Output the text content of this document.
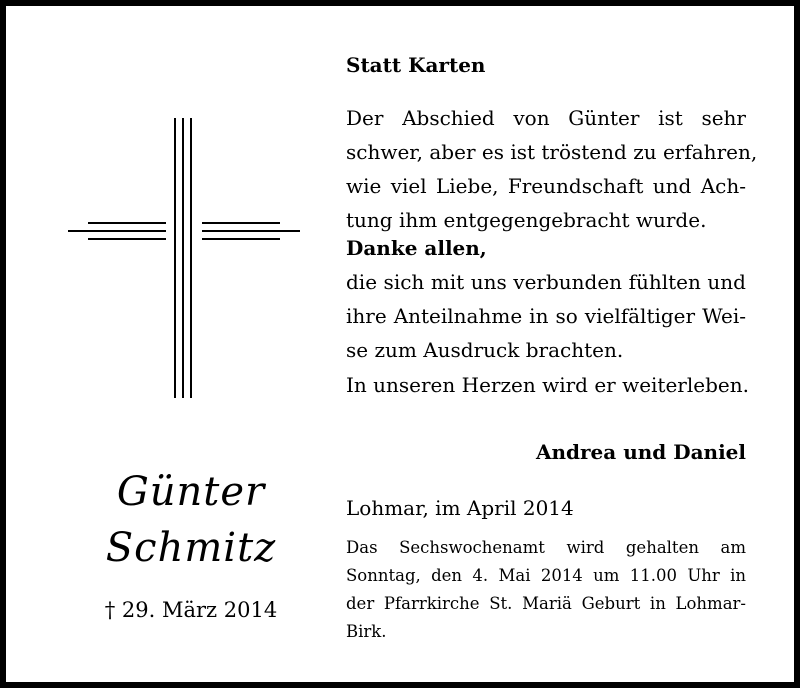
Günter
Schmitz
† 29. März 2014
Statt Karten
Der Abschied von Günter ist sehr
schwer, aber es ist tröstend zu erfahren,
wie viel Liebe, Freundschaft und Ach-
tung ihm entgegengebracht wurde.
Danke allen,
die sich mit uns verbunden fühlten und
ihre Anteilnahme in so vielfältiger Wei-
se zum Ausdruck brachten.
In unseren Herzen wird er weiterleben.
Andrea und Daniel
Lohmar, im April 2014
Das Sechswochenamt wird gehalten am
Sonntag, den 4. Mai 2014 um 11.00 Uhr in
der Pfarrkirche St. Mariä Geburt in Lohmar-
Birk.
